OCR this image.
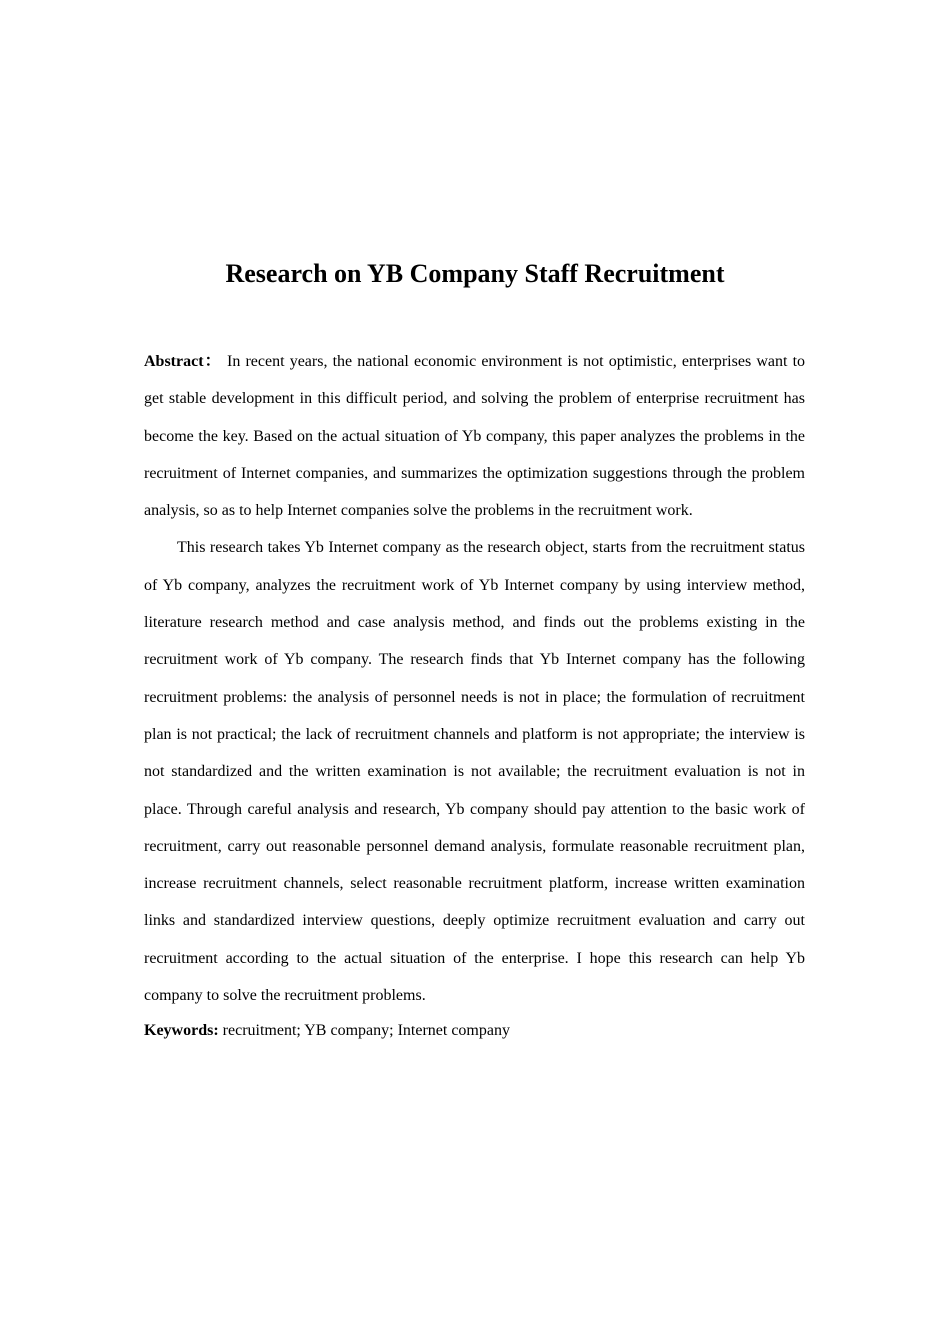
Research on YB Company Staff Recruitment

Abstract： In recent years, the national economic environment is not optimistic, enterprises want to get stable development in this difficult period, and solving the problem of enterprise recruitment has become the key. Based on the actual situation of Yb company, this paper analyzes the problems in the recruitment of Internet companies, and summarizes the optimization suggestions through the problem analysis, so as to help Internet companies solve the problems in the recruitment work.

This research takes Yb Internet company as the research object, starts from the recruitment status of Yb company, analyzes the recruitment work of Yb Internet company by using interview method, literature research method and case analysis method, and finds out the problems existing in the recruitment work of Yb company. The research finds that Yb Internet company has the following recruitment problems: the analysis of personnel needs is not in place; the formulation of recruitment plan is not practical; the lack of recruitment channels and platform is not appropriate; the interview is not standardized and the written examination is not available; the recruitment evaluation is not in place. Through careful analysis and research, Yb company should pay attention to the basic work of recruitment, carry out reasonable personnel demand analysis, formulate reasonable recruitment plan, increase recruitment channels, select reasonable recruitment platform, increase written examination links and standardized interview questions, deeply optimize recruitment evaluation and carry out recruitment according to the actual situation of the enterprise. I hope this research can help Yb company to solve the recruitment problems.

Keywords: recruitment; YB company; Internet company
